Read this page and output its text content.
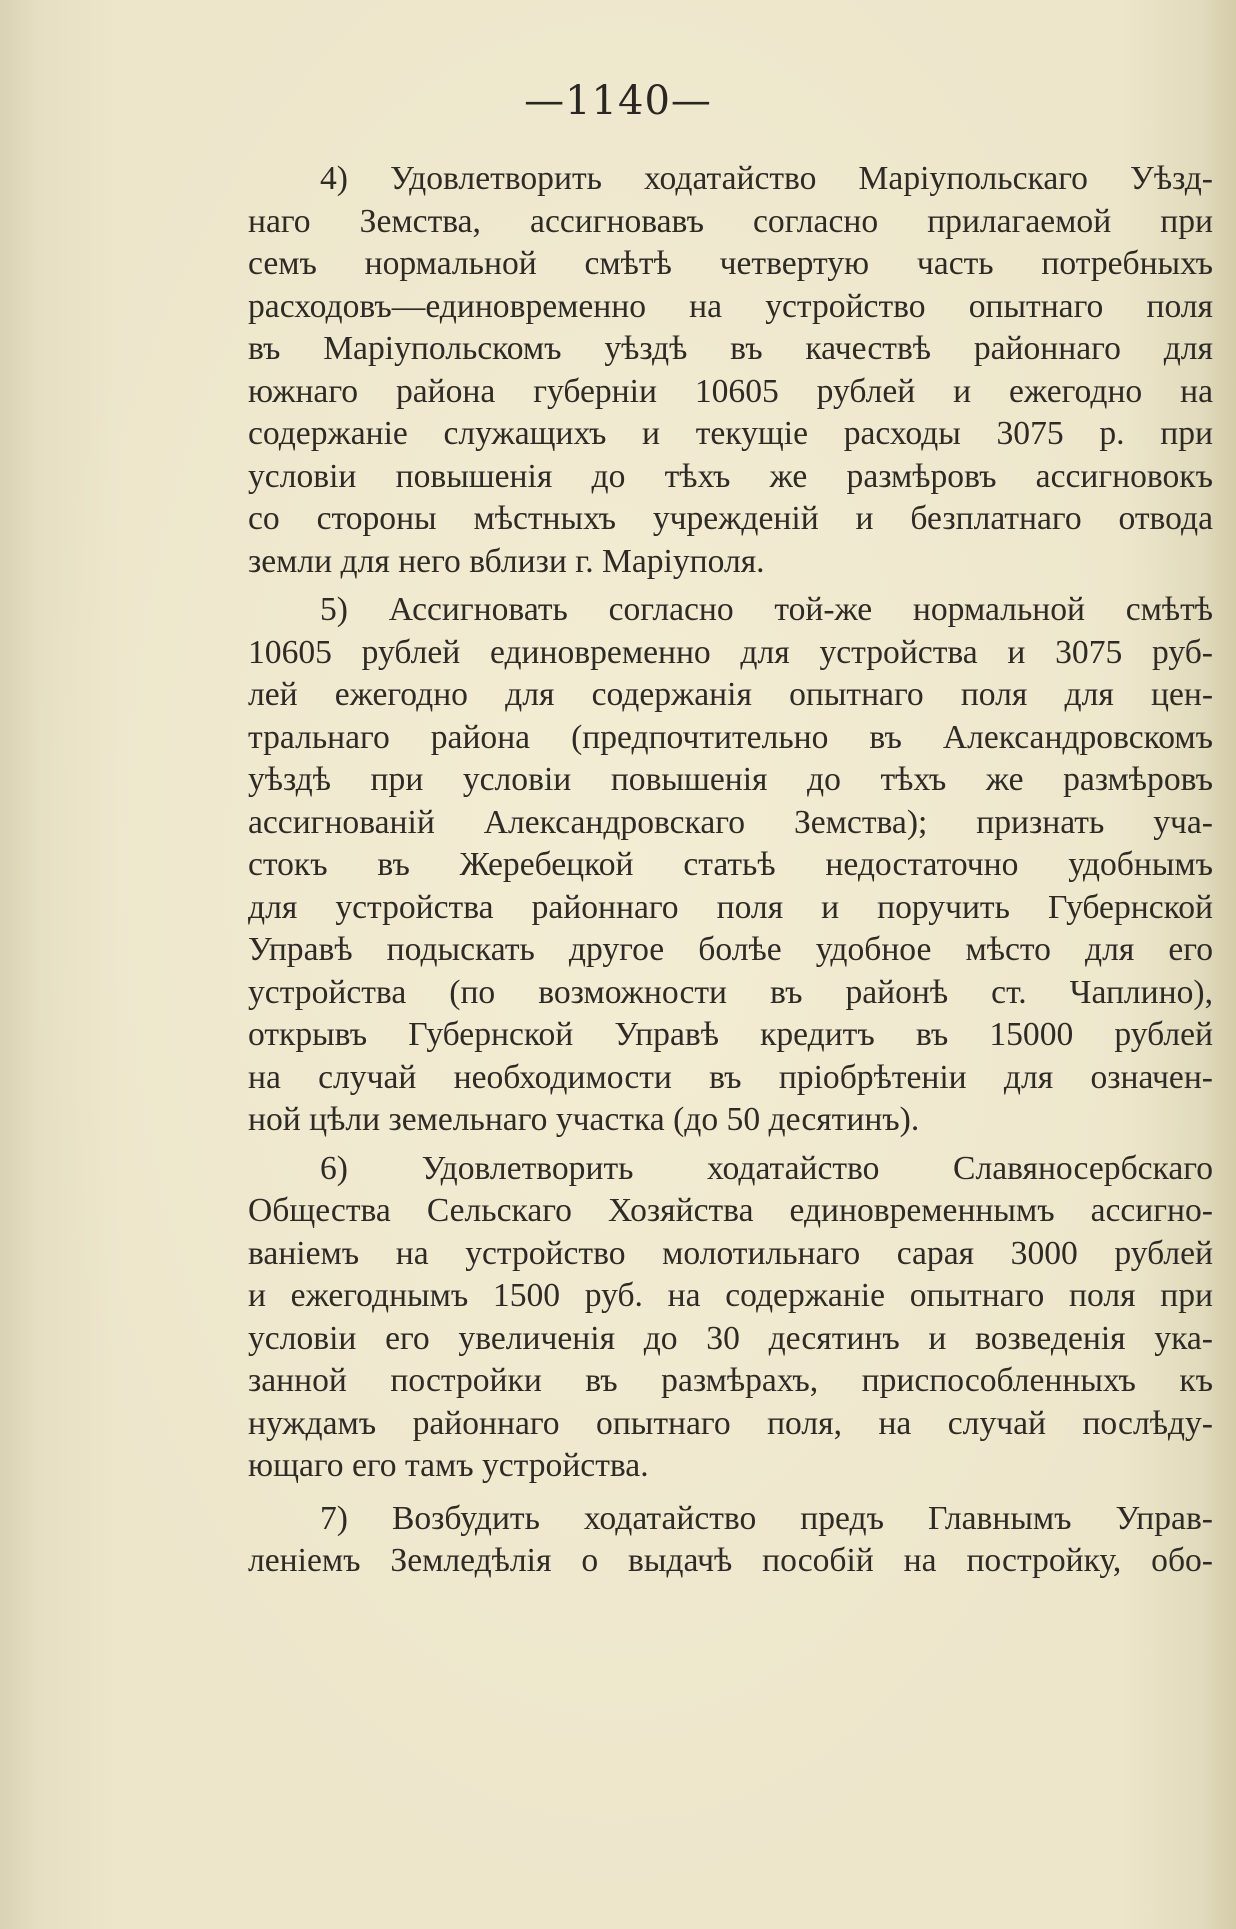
—1140—
4) Удовлетворить ходатайство Маріупольскаго Уѣзд-
наго Земства, ассигновавъ согласно прилагаемой при
семъ нормальной смѣтѣ четвертую часть потребныхъ
расходовъ—единовременно на устройство опытнаго поля
въ Маріупольскомъ уѣздѣ въ качествѣ районнаго для
южнаго района губерніи 10605 рублей и ежегодно на
содержаніе служащихъ и текущіе расходы 3075 р. при
условіи повышенія до тѣхъ же размѣровъ ассигновокъ
со стороны мѣстныхъ учрежденій и безплатнаго отвода
земли для него вблизи г. Маріуполя.
5) Ассигновать согласно той-же нормальной смѣтѣ
10605 рублей единовременно для устройства и 3075 руб-
лей ежегодно для содержанія опытнаго поля для цен-
тральнаго района (предпочтительно въ Александровскомъ
уѣздѣ при условіи повышенія до тѣхъ же размѣровъ
ассигнованій Александровскаго Земства); признать уча-
стокъ въ Жеребецкой статьѣ недостаточно удобнымъ
для устройства районнаго поля и поручить Губернской
Управѣ подыскать другое болѣе удобное мѣсто для его
устройства (по возможности въ районѣ ст. Чаплино),
открывъ Губернской Управѣ кредитъ въ 15000 рублей
на случай необходимости въ пріобрѣтеніи для означен-
ной цѣли земельнаго участка (до 50 десятинъ).
6) Удовлетворить ходатайство Славяносербскаго
Общества Сельскаго Хозяйства единовременнымъ ассигно-
ваніемъ на устройство молотильнаго сарая 3000 рублей
и ежегоднымъ 1500 руб. на содержаніе опытнаго поля при
условіи его увеличенія до 30 десятинъ и возведенія ука-
занной постройки въ размѣрахъ, приспособленныхъ къ
нуждамъ районнаго опытнаго поля, на случай послѣду-
ющаго его тамъ устройства.
7) Возбудить ходатайство предъ Главнымъ Управ-
леніемъ Земледѣлія о выдачѣ пособій на постройку, обо-
